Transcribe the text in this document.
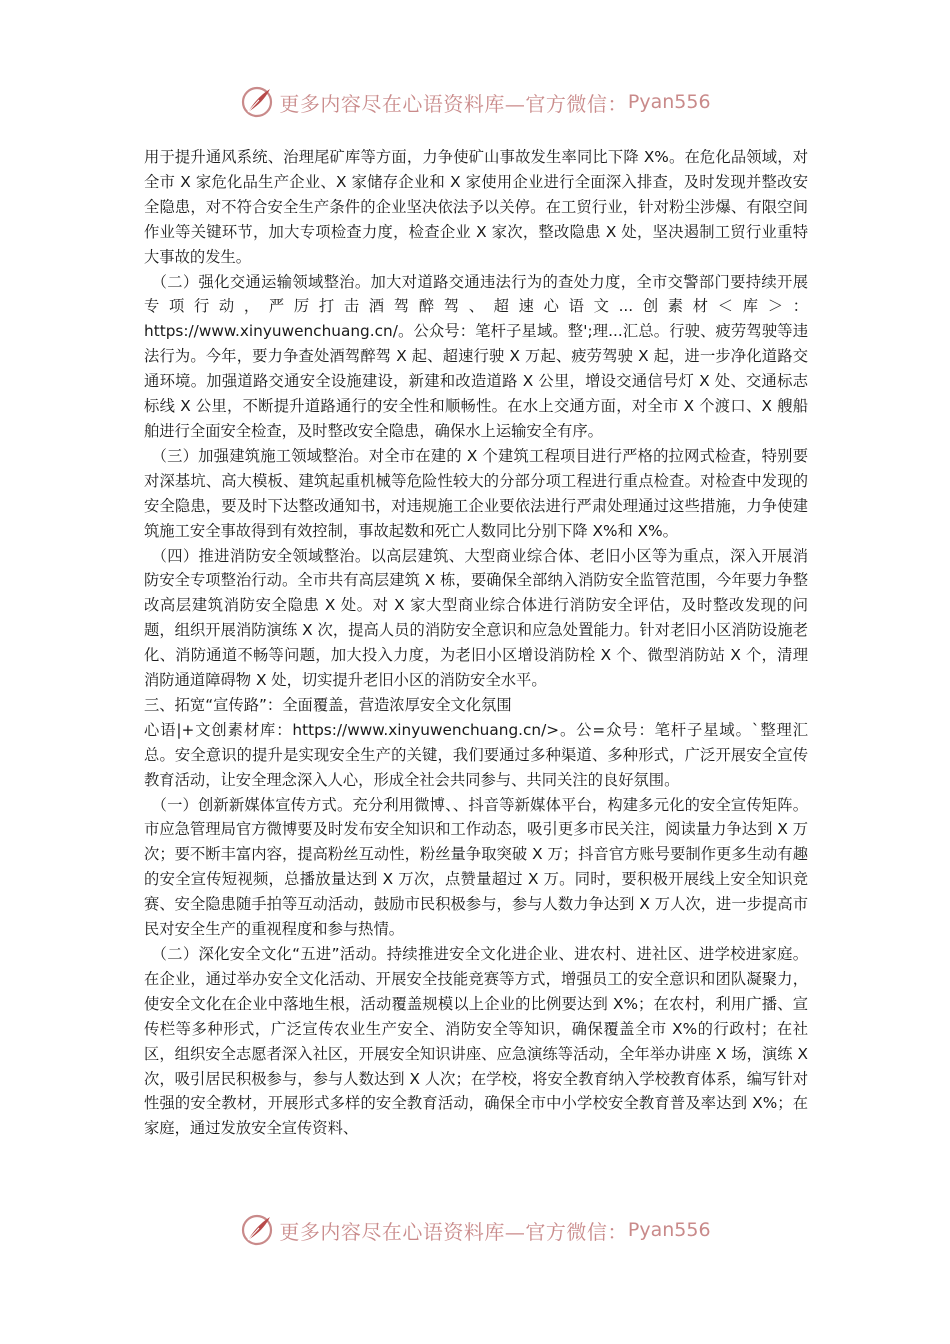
更多内容尽在心语资料库—官方微信： Pyan556

用于提升通风系统、治理尾矿库等方面，力争使矿山事故发生率同比下降 X%。在危化品领域，对全市 X 家危化品生产企业、X 家储存企业和 X 家使用企业进行全面深入排查，及时发现并整改安全隐患，对不符合安全生产条件的企业坚决依法予以关停。在工贸行业，针对粉尘涉爆、有限空间作业等关键环节，加大专项检查力度，检查企业 X 家次，整改隐患 X 处，坚决遏制工贸行业重特大事故的发生。

（二）强化交通运输领域整治。加大对道路交通违法行为的查处力度，全市交警部门要持续开展专项行动，严厉打击酒驾醉驾、超速心语文...创素材＜库＞：https://www.xinyuwenchuang.cn/。公众号：笔杆子星域。整';理...汇总。行驶、疲劳驾驶等违法行为。今年，要力争查处酒驾醉驾 X 起、超速行驶 X 万起、疲劳驾驶 X 起，进一步净化道路交通环境。加强道路交通安全设施建设，新建和改造道路 X 公里，增设交通信号灯 X 处、交通标志标线 X 公里，不断提升道路通行的安全性和顺畅性。在水上交通方面，对全市 X 个渡口、X 艘船舶进行全面安全检查，及时整改安全隐患，确保水上运输安全有序。

（三）加强建筑施工领域整治。对全市在建的 X 个建筑工程项目进行严格的拉网式检查，特别要对深基坑、高大模板、建筑起重机械等危险性较大的分部分项工程进行重点检查。对检查中发现的安全隐患，要及时下达整改通知书，对违规施工企业要依法进行严肃处理通过这些措施，力争使建筑施工安全事故得到有效控制，事故起数和死亡人数同比分别下降 X%和 X%。

（四）推进消防安全领域整治。以高层建筑、大型商业综合体、老旧小区等为重点，深入开展消防安全专项整治行动。全市共有高层建筑 X 栋，要确保全部纳入消防安全监管范围，今年要力争整改高层建筑消防安全隐患 X 处。对 X 家大型商业综合体进行消防安全评估，及时整改发现的问题，组织开展消防演练 X 次，提高人员的消防安全意识和应急处置能力。针对老旧小区消防设施老化、消防通道不畅等问题，加大投入力度，为老旧小区增设消防栓 X 个、微型消防站 X 个，清理消防通道障碍物 X 处，切实提升老旧小区的消防安全水平。

三、拓宽“宣传路”：全面覆盖，营造浓厚安全文化氛围

心语|+文创素材库：https://www.xinyuwenchuang.cn/>。公=众号：笔杆子星域。`整理汇总。安全意识的提升是实现安全生产的关键，我们要通过多种渠道、多种形式，广泛开展安全宣传教育活动，让安全理念深入人心，形成全社会共同参与、共同关注的良好氛围。

（一）创新新媒体宣传方式。充分利用微博、、抖音等新媒体平台，构建多元化的安全宣传矩阵。市应急管理局官方微博要及时发布安全知识和工作动态，吸引更多市民关注，阅读量力争达到 X 万次；要不断丰富内容，提高粉丝互动性，粉丝量争取突破 X 万；抖音官方账号要制作更多生动有趣的安全宣传短视频，总播放量达到 X 万次，点赞量超过 X 万。同时，要积极开展线上安全知识竞赛、安全隐患随手拍等互动活动，鼓励市民积极参与，参与人数力争达到 X 万人次，进一步提高市民对安全生产的重视程度和参与热情。

（二）深化安全文化“五进”活动。持续推进安全文化进企业、进农村、进社区、进学校进家庭。在企业，通过举办安全文化活动、开展安全技能竞赛等方式，增强员工的安全意识和团队凝聚力，使安全文化在企业中落地生根，活动覆盖规模以上企业的比例要达到 X%；在农村，利用广播、宣传栏等多种形式，广泛宣传农业生产安全、消防安全等知识，确保覆盖全市 X%的行政村；在社区，组织安全志愿者深入社区，开展安全知识讲座、应急演练等活动，全年举办讲座 X 场，演练 X 次，吸引居民积极参与，参与人数达到 X 人次；在学校，将安全教育纳入学校教育体系，编写针对性强的安全教材，开展形式多样的安全教育活动，确保全市中小学校安全教育普及率达到 X%；在家庭，通过发放安全宣传资料、

更多内容尽在心语资料库—官方微信： Pyan556
